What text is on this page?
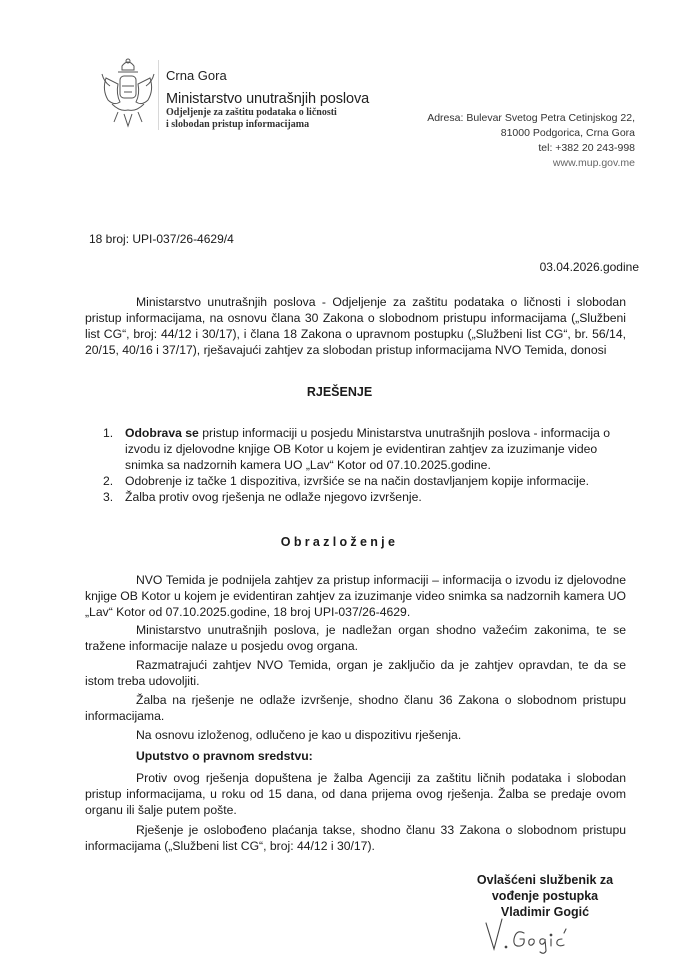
Crna Gora
Ministarstvo unutrašnjih poslova
Odjeljenje za zaštitu podataka o ličnosti
i slobodan pristup informacijama
Adresa: Bulevar Svetog Petra Cetinjskog 22,
81000 Podgorica, Crna Gora
tel: +382 20 243-998
www.mup.gov.me
18 broj: UPI-037/26-4629/4
03.04.2026.godine
Ministarstvo unutrašnjih poslova - Odjeljenje za zaštitu podataka o ličnosti i slobodan pristup informacijama, na osnovu člana 30 Zakona o slobodnom pristupu informacijama („Službeni list CG“, broj: 44/12 i 30/17), i člana 18 Zakona o upravnom postupku („Službeni list CG“, br. 56/14, 20/15, 40/16 i 37/17), rješavajući zahtjev za slobodan pristup informacijama NVO Temida, donosi
RJEŠENJE
1. Odobrava se pristup informaciji u posjedu Ministarstva unutrašnjih poslova - informacija o izvodu iz djelovodne knjige OB Kotor u kojem je evidentiran zahtjev za izuzimanje video snimka sa nadzornih kamera UO „Lav“ Kotor od 07.10.2025.godine.
2. Odobrenje iz tačke 1 dispozitiva, izvršiće se na način dostavljanjem kopije informacije.
3. Žalba protiv ovog rješenja ne odlaže njegovo izvršenje.
Obrazloženje
NVO Temida je podnijela zahtjev za pristup informaciji – informacija o izvodu iz djelovodne knjige OB Kotor u kojem je evidentiran zahtjev za izuzimanje video snimka sa nadzornih kamera UO „Lav“ Kotor od 07.10.2025.godine, 18 broj UPI-037/26-4629.
Ministarstvo unutrašnjih poslova, je nadležan organ shodno važećim zakonima, te se tražene informacije nalaze u posjedu ovog organa.
Razmatrajući zahtjev NVO Temida, organ je zaključio da je zahtjev opravdan, te da se istom treba udovoljiti.
Žalba na rješenje ne odlaže izvršenje, shodno članu 36 Zakona o slobodnom pristupu informacijama.
Na osnovu izloženog, odlučeno je kao u dispozitivu rješenja.
Uputstvo o pravnom sredstvu:
Protiv ovog rješenja dopuštena je žalba Agenciji za zaštitu ličnih podataka i slobodan pristup informacijama, u roku od 15 dana, od dana prijema ovog rješenja. Žalba se predaje ovom organu ili šalje putem pošte.
Rješenje je oslobođeno plaćanja takse, shodno članu 33 Zakona o slobodnom pristupu informacijama („Službeni list CG“, broj: 44/12 i 30/17).
Ovlašćeni službenik za
vođenje postupka
Vladimir Gogić
